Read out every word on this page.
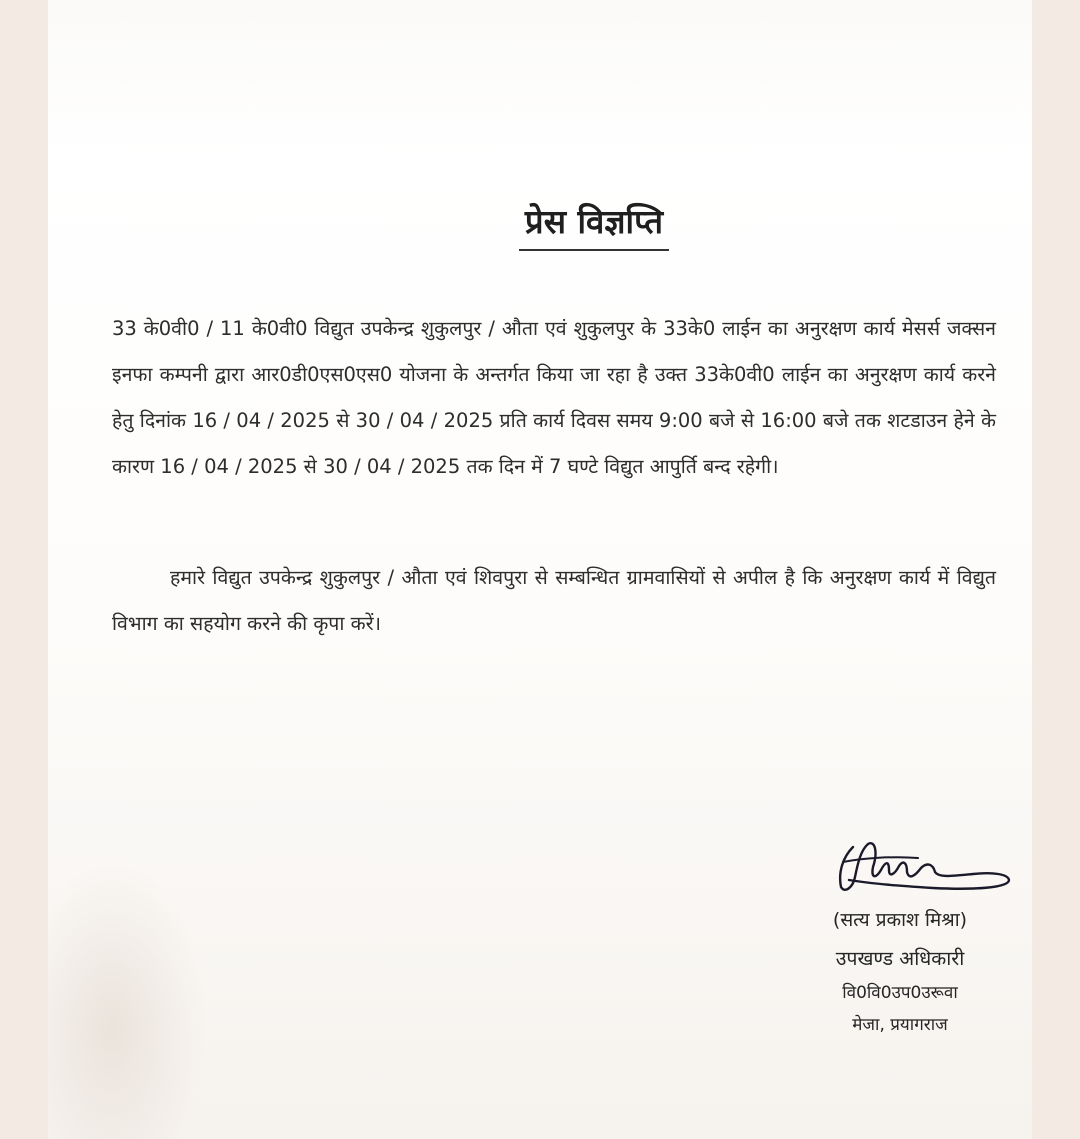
प्रेस विज्ञप्ति
33 के0वी0 / 11 के0वी0 विद्युत उपकेन्द्र शुकुलपुर / औता एवं शुकुलपुर के 33के0 लाईन का अनुरक्षण कार्य मेसर्स जक्सन इनफा कम्पनी द्वारा आर0डी0एस0एस0 योजना के अन्तर्गत किया जा रहा है उक्त 33के0वी0 लाईन का अनुरक्षण कार्य करने हेतु दिनांक 16 / 04 / 2025 से 30 / 04 / 2025 प्रति कार्य दिवस समय 9:00 बजे से 16:00 बजे तक शटडाउन हेने के कारण 16 / 04 / 2025 से 30 / 04 / 2025 तक दिन में 7 घण्टे विद्युत आपुर्ति बन्द रहेगी।
हमारे विद्युत उपकेन्द्र शुकुलपुर / औता एवं शिवपुरा से सम्बन्धित ग्रामवासियों से अपील है कि अनुरक्षण कार्य में विद्युत विभाग का सहयोग करने की कृपा करें।
(सत्य प्रकाश मिश्रा)
उपखण्ड अधिकारी
वि0वि0उप0उरूवा
मेजा, प्रयागराज
